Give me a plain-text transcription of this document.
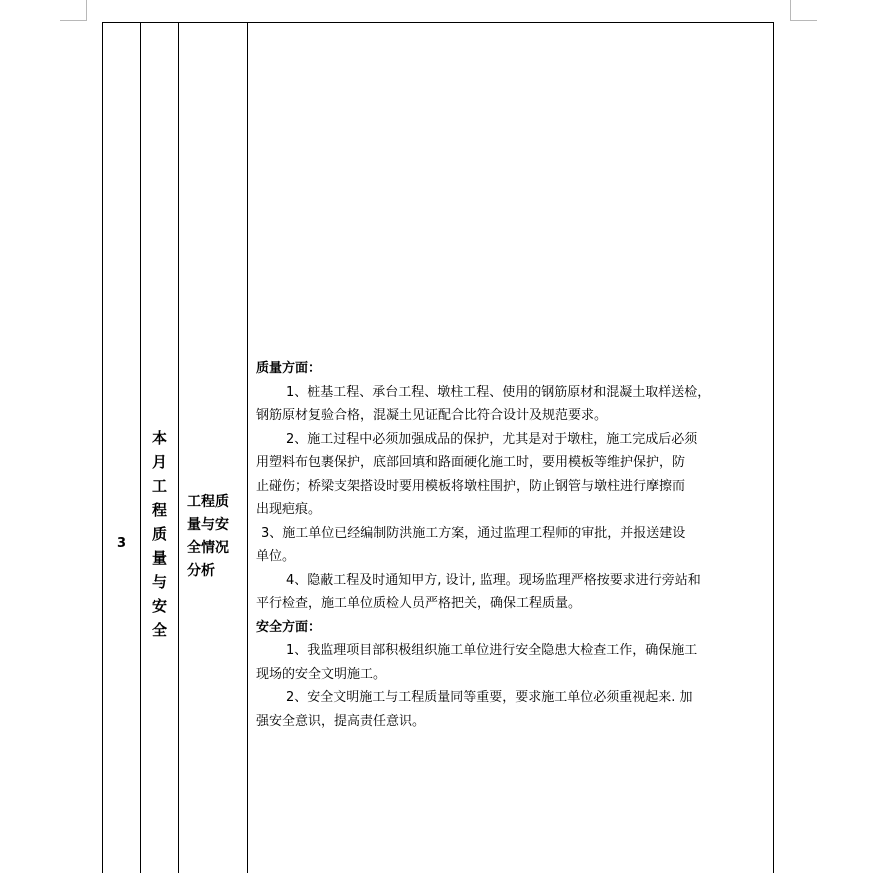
3
本
月
工
程
质
量
与
安
全
工程质
量与安
全情况
分析
质量方面：
1、桩基工程、承台工程、墩柱工程、使用的钢筋原材和混凝土取样送检，
钢筋原材复验合格，混凝土见证配合比符合设计及规范要求。
2、施工过程中必须加强成品的保护，尤其是对于墩柱，施工完成后必须
用塑料布包裹保护，底部回填和路面硬化施工时，要用模板等维护保护，防
止碰伤；桥梁支架搭设时要用模板将墩柱围护，防止钢管与墩柱进行摩擦而
出现疤痕。
3、施工单位已经编制防洪施工方案，通过监理工程师的审批，并报送建设
单位。
4、隐蔽工程及时通知甲方, 设计, 监理。现场监理严格按要求进行旁站和
平行检查，施工单位质检人员严格把关，确保工程质量。
安全方面：
1、我监理项目部积极组织施工单位进行安全隐患大检查工作，确保施工
现场的安全文明施工。
2、安全文明施工与工程质量同等重要，要求施工单位必须重视起来. 加
强安全意识，提高责任意识。
